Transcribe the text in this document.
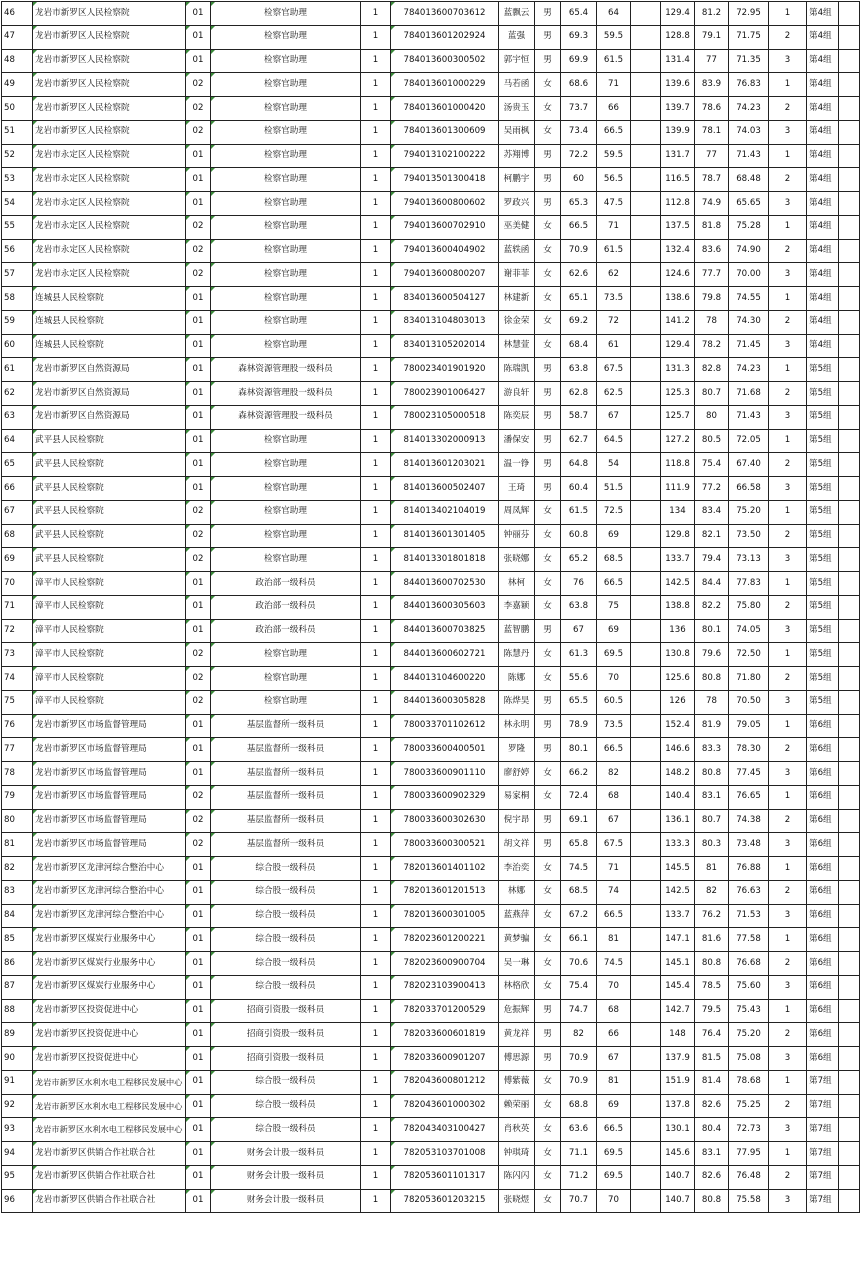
46	龙岩市新罗区人民检察院	01	检察官助理	1	784013600703612	蓝飘云	男	65.4	64		129.4	81.2	72.95	1	第4组	
47	龙岩市新罗区人民检察院	01	检察官助理	1	784013601202924	蓝强	男	69.3	59.5		128.8	79.1	71.75	2	第4组	
48	龙岩市新罗区人民检察院	01	检察官助理	1	784013600300502	郭宇恒	男	69.9	61.5		131.4	77	71.35	3	第4组	
49	龙岩市新罗区人民检察院	02	检察官助理	1	784013601000229	马若函	女	68.6	71		139.6	83.9	76.83	1	第4组	
50	龙岩市新罗区人民检察院	02	检察官助理	1	784013601000420	汤贵玉	女	73.7	66		139.7	78.6	74.23	2	第4组	
51	龙岩市新罗区人民检察院	02	检察官助理	1	784013601300609	吴雨枫	女	73.4	66.5		139.9	78.1	74.03	3	第4组	
52	龙岩市永定区人民检察院	01	检察官助理	1	794013102100222	苏翔博	男	72.2	59.5		131.7	77	71.43	1	第4组	
53	龙岩市永定区人民检察院	01	检察官助理	1	794013501300418	柯鹏宇	男	60	56.5		116.5	78.7	68.48	2	第4组	
54	龙岩市永定区人民检察院	01	检察官助理	1	794013600800602	罗政兴	男	65.3	47.5		112.8	74.9	65.65	3	第4组	
55	龙岩市永定区人民检察院	02	检察官助理	1	794013600702910	巫美健	女	66.5	71		137.5	81.8	75.28	1	第4组	
56	龙岩市永定区人民检察院	02	检察官助理	1	794013600404902	蓝轶函	女	70.9	61.5		132.4	83.6	74.90	2	第4组	
57	龙岩市永定区人民检察院	02	检察官助理	1	794013600800207	谢菲菲	女	62.6	62		124.6	77.7	70.00	3	第4组	
58	连城县人民检察院	01	检察官助理	1	834013600504127	林建新	女	65.1	73.5		138.6	79.8	74.55	1	第4组	
59	连城县人民检察院	01	检察官助理	1	834013104803013	徐金荣	女	69.2	72		141.2	78	74.30	2	第4组	
60	连城县人民检察院	01	检察官助理	1	834013105202014	林慧萱	女	68.4	61		129.4	78.2	71.45	3	第4组	
61	龙岩市新罗区自然资源局	01	森林资源管理股一级科员	1	780023401901920	陈瑞凯	男	63.8	67.5		131.3	82.8	74.23	1	第5组	
62	龙岩市新罗区自然资源局	01	森林资源管理股一级科员	1	780023901006427	游良轩	男	62.8	62.5		125.3	80.7	71.68	2	第5组	
63	龙岩市新罗区自然资源局	01	森林资源管理股一级科员	1	780023105000518	陈奕辰	男	58.7	67		125.7	80	71.43	3	第5组	
64	武平县人民检察院	01	检察官助理	1	814013302000913	潘保安	男	62.7	64.5		127.2	80.5	72.05	1	第5组	
65	武平县人民检察院	01	检察官助理	1	814013601203021	温一铮	男	64.8	54		118.8	75.4	67.40	2	第5组	
66	武平县人民检察院	01	检察官助理	1	814013600502407	王琦	男	60.4	51.5		111.9	77.2	66.58	3	第5组	
67	武平县人民检察院	02	检察官助理	1	814013402104019	周凤辉	女	61.5	72.5		134	83.4	75.20	1	第5组	
68	武平县人民检察院	02	检察官助理	1	814013601301405	钟丽芬	女	60.8	69		129.8	82.1	73.50	2	第5组	
69	武平县人民检察院	02	检察官助理	1	814013301801818	张晓娜	女	65.2	68.5		133.7	79.4	73.13	3	第5组	
70	漳平市人民检察院	01	政治部一级科员	1	844013600702530	林柯	女	76	66.5		142.5	84.4	77.83	1	第5组	
71	漳平市人民检察院	01	政治部一级科员	1	844013600305603	李嘉颖	女	63.8	75		138.8	82.2	75.80	2	第5组	
72	漳平市人民检察院	01	政治部一级科员	1	844013600703825	蓝智鹏	男	67	69		136	80.1	74.05	3	第5组	
73	漳平市人民检察院	02	检察官助理	1	844013600602721	陈慧丹	女	61.3	69.5		130.8	79.6	72.50	1	第5组	
74	漳平市人民检察院	02	检察官助理	1	844013104600220	陈娜	女	55.6	70		125.6	80.8	71.80	2	第5组	
75	漳平市人民检察院	02	检察官助理	1	844013600305828	陈烨昊	男	65.5	60.5		126	78	70.50	3	第5组	
76	龙岩市新罗区市场监督管理局	01	基层监督所一级科员	1	780033701102612	林永明	男	78.9	73.5		152.4	81.9	79.05	1	第6组	
77	龙岩市新罗区市场监督管理局	01	基层监督所一级科员	1	780033600400501	罗隆	男	80.1	66.5		146.6	83.3	78.30	2	第6组	
78	龙岩市新罗区市场监督管理局	01	基层监督所一级科员	1	780033600901110	廖舒婷	女	66.2	82		148.2	80.8	77.45	3	第6组	
79	龙岩市新罗区市场监督管理局	02	基层监督所一级科员	1	780033600902329	易家桐	女	72.4	68		140.4	83.1	76.65	1	第6组	
80	龙岩市新罗区市场监督管理局	02	基层监督所一级科员	1	780033600302630	倪宇昂	男	69.1	67		136.1	80.7	74.38	2	第6组	
81	龙岩市新罗区市场监督管理局	02	基层监督所一级科员	1	780033600300521	胡文祥	男	65.8	67.5		133.3	80.3	73.48	3	第6组	
82	龙岩市新罗区龙津河综合整治中心	01	综合股一级科员	1	782013601401102	李治奕	女	74.5	71		145.5	81	76.88	1	第6组	
83	龙岩市新罗区龙津河综合整治中心	01	综合股一级科员	1	782013601201513	林娜	女	68.5	74		142.5	82	76.63	2	第6组	
84	龙岩市新罗区龙津河综合整治中心	01	综合股一级科员	1	782013600301005	蓝燕萍	女	67.2	66.5		133.7	76.2	71.53	3	第6组	
85	龙岩市新罗区煤炭行业服务中心	01	综合股一级科员	1	782023601200221	黄梦骗	女	66.1	81		147.1	81.6	77.58	1	第6组	
86	龙岩市新罗区煤炭行业服务中心	01	综合股一级科员	1	782023600900704	吴一琳	女	70.6	74.5		145.1	80.8	76.68	2	第6组	
87	龙岩市新罗区煤炭行业服务中心	01	综合股一级科员	1	782023103900413	林格欣	女	75.4	70		145.4	78.5	75.60	3	第6组	
88	龙岩市新罗区投资促进中心	01	招商引资股一级科员	1	782033701200529	危振辉	男	74.7	68		142.7	79.5	75.43	1	第6组	
89	龙岩市新罗区投资促进中心	01	招商引资股一级科员	1	782033600601819	黄龙祥	男	82	66		148	76.4	75.20	2	第6组	
90	龙岩市新罗区投资促进中心	01	招商引资股一级科员	1	782033600901207	傅思源	男	70.9	67		137.9	81.5	75.08	3	第6组	
91	龙岩市新罗区水利水电工程移民发展中心	01	综合股一级科员	1	782043600801212	傅紫薇	女	70.9	81		151.9	81.4	78.68	1	第7组	
92	龙岩市新罗区水利水电工程移民发展中心	01	综合股一级科员	1	782043601000302	赖荣丽	女	68.8	69		137.8	82.6	75.25	2	第7组	
93	龙岩市新罗区水利水电工程移民发展中心	01	综合股一级科员	1	782043403100427	肖秋英	女	63.6	66.5		130.1	80.4	72.73	3	第7组	
94	龙岩市新罗区供销合作社联合社	01	财务会计股一级科员	1	782053103701008	钟琪琦	女	71.1	69.5		145.6	83.1	77.95	1	第7组	
95	龙岩市新罗区供销合作社联合社	01	财务会计股一级科员	1	782053601101317	陈闪闪	女	71.2	69.5		140.7	82.6	76.48	2	第7组	
96	龙岩市新罗区供销合作社联合社	01	财务会计股一级科员	1	782053601203215	张晓煜	女	70.7	70		140.7	80.8	75.58	3	第7组	
